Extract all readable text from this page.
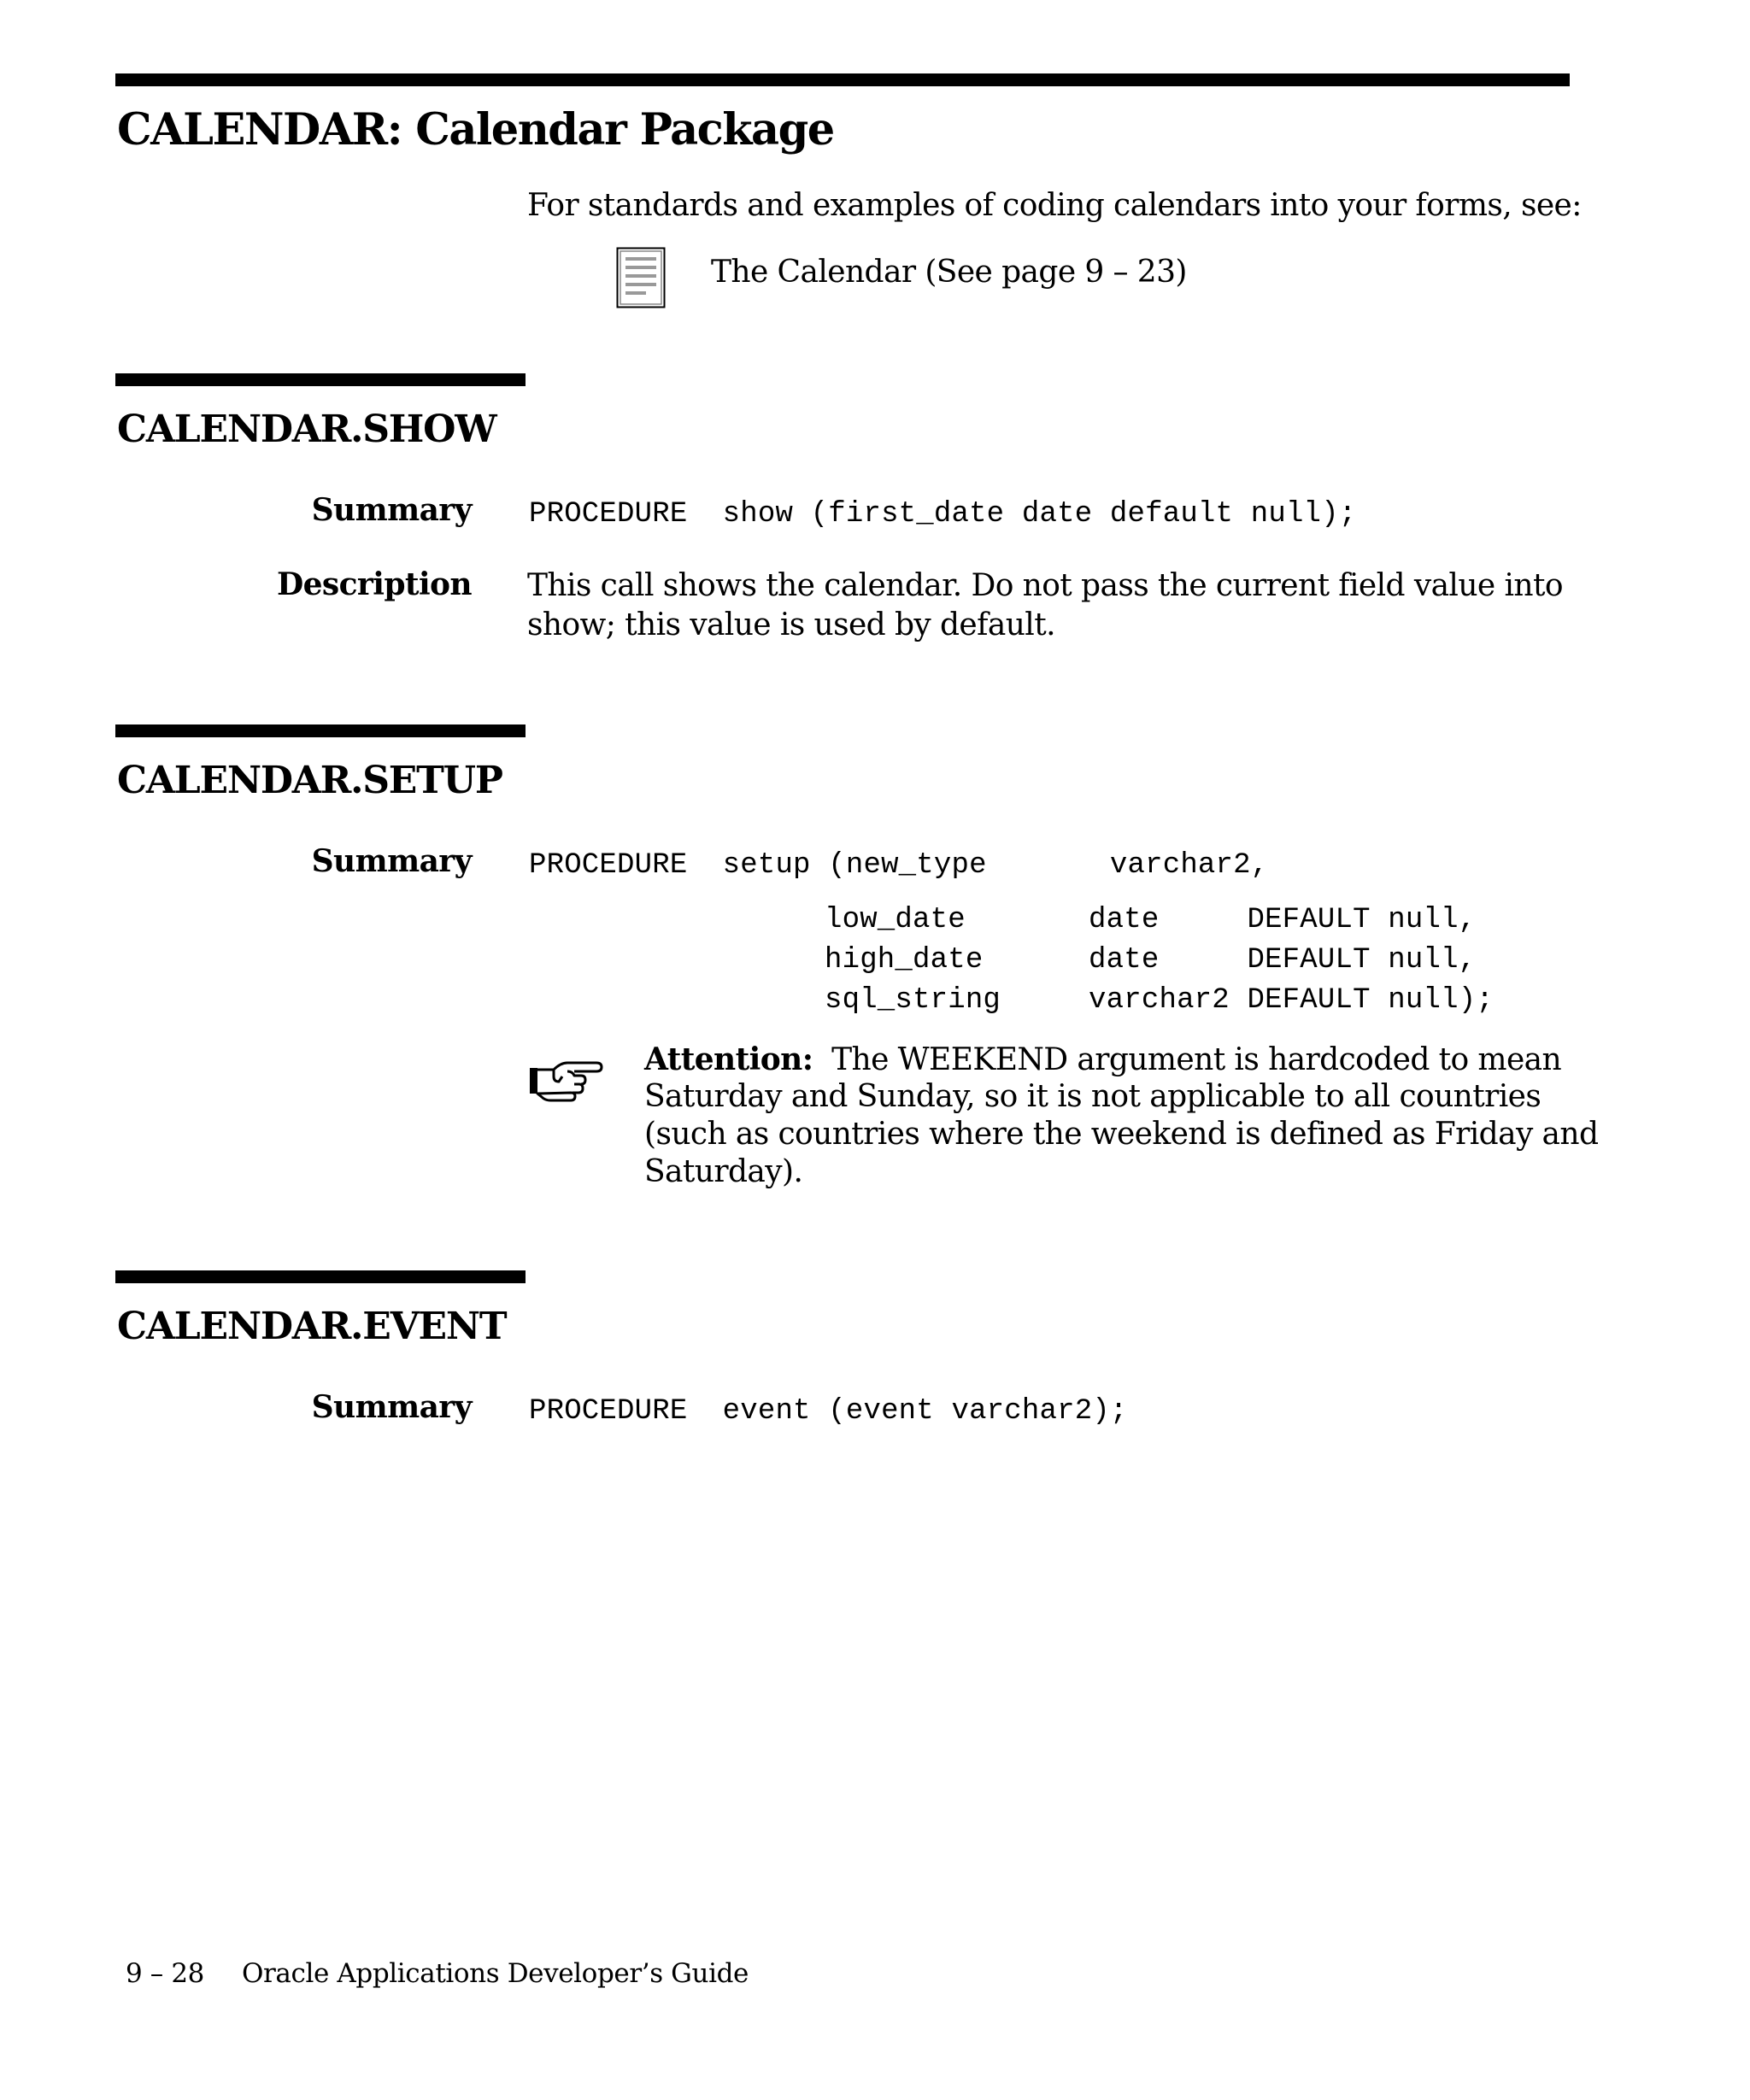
CALENDAR: Calendar Package
For standards and examples of coding calendars into your forms, see:
The Calendar (See page 9 – 23)
CALENDAR.SHOW
Summary PROCEDURE  show (first_date date default null);
Description This call shows the calendar. Do not pass the current field value into
show; this value is used by default.
CALENDAR.SETUP
Summary PROCEDURE  setup (new_type       varchar2,
low_date       date     DEFAULT null,
high_date      date     DEFAULT null,
sql_string     varchar2 DEFAULT null);
Attention: The WEEKEND argument is hardcoded to mean
Saturday and Sunday, so it is not applicable to all countries
(such as countries where the weekend is defined as Friday and
Saturday).
CALENDAR.EVENT
Summary PROCEDURE  event (event varchar2);
9 – 28 Oracle Applications Developer’s Guide
